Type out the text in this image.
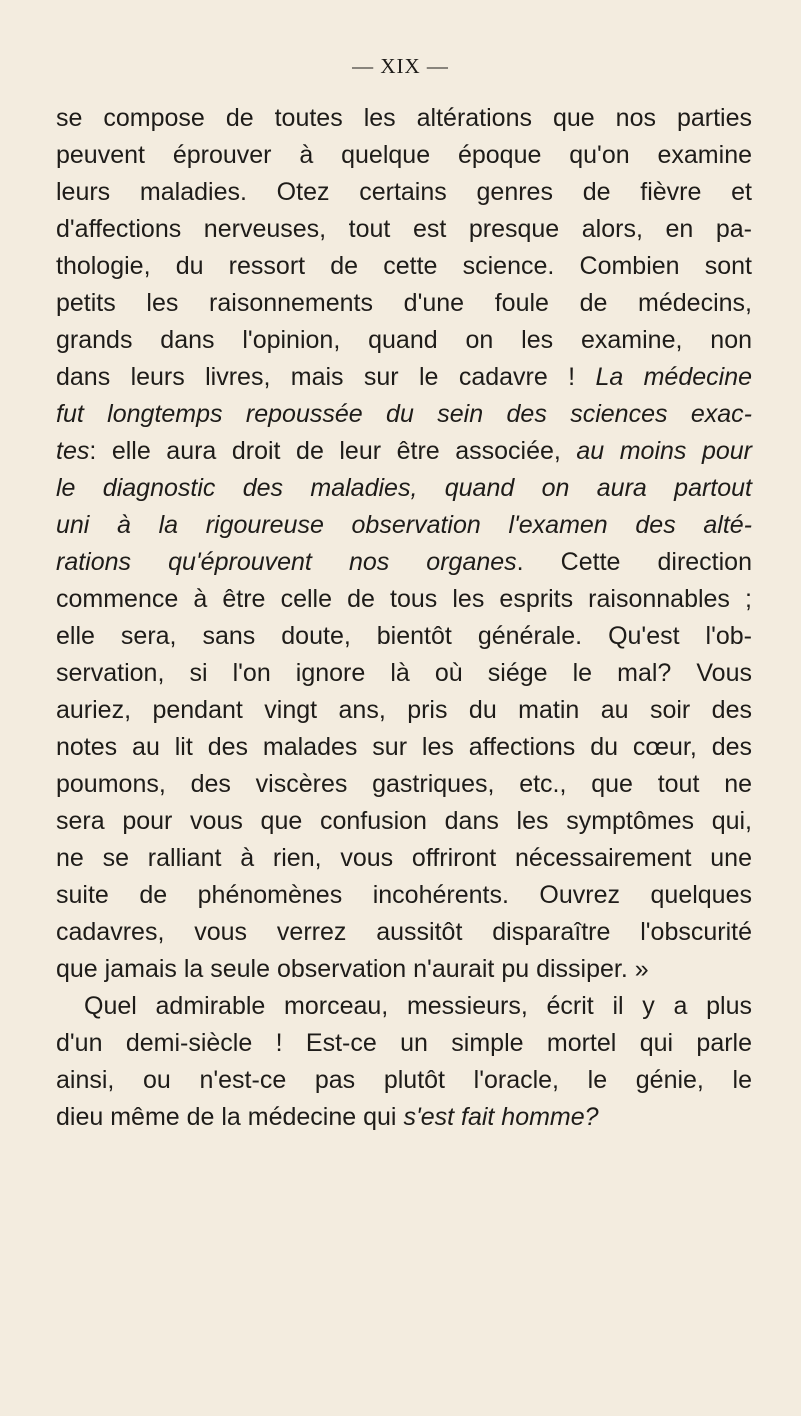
— XIX —
se compose de toutes les altérations que nos parties
peuvent éprouver à quelque époque qu'on examine
leurs maladies. Otez certains genres de fièvre et
d'affections nerveuses, tout est presque alors, en pa-
thologie, du ressort de cette science. Combien sont
petits les raisonnements d'une foule de médecins,
grands dans l'opinion, quand on les examine, non
dans leurs livres, mais sur le cadavre ! La médecine
fut longtemps repoussée du sein des sciences exac-
tes: elle aura droit de leur être associée, au moins pour
le diagnostic des maladies, quand on aura partout
uni à la rigoureuse observation l'examen des alté-
rations qu'éprouvent nos organes. Cette direction
commence à être celle de tous les esprits raisonnables ;
elle sera, sans doute, bientôt générale. Qu'est l'ob-
servation, si l'on ignore là où siége le mal? Vous
auriez, pendant vingt ans, pris du matin au soir des
notes au lit des malades sur les affections du cœur, des
poumons, des viscères gastriques, etc., que tout ne
sera pour vous que confusion dans les symptômes qui,
ne se ralliant à rien, vous offriront nécessairement une
suite de phénomènes incohérents. Ouvrez quelques
cadavres, vous verrez aussitôt disparaître l'obscurité
que jamais la seule observation n'aurait pu dissiper. »
Quel admirable morceau, messieurs, écrit il y a plus
d'un demi-siècle ! Est-ce un simple mortel qui parle
ainsi, ou n'est-ce pas plutôt l'oracle, le génie, le
dieu même de la médecine qui s'est fait homme?
